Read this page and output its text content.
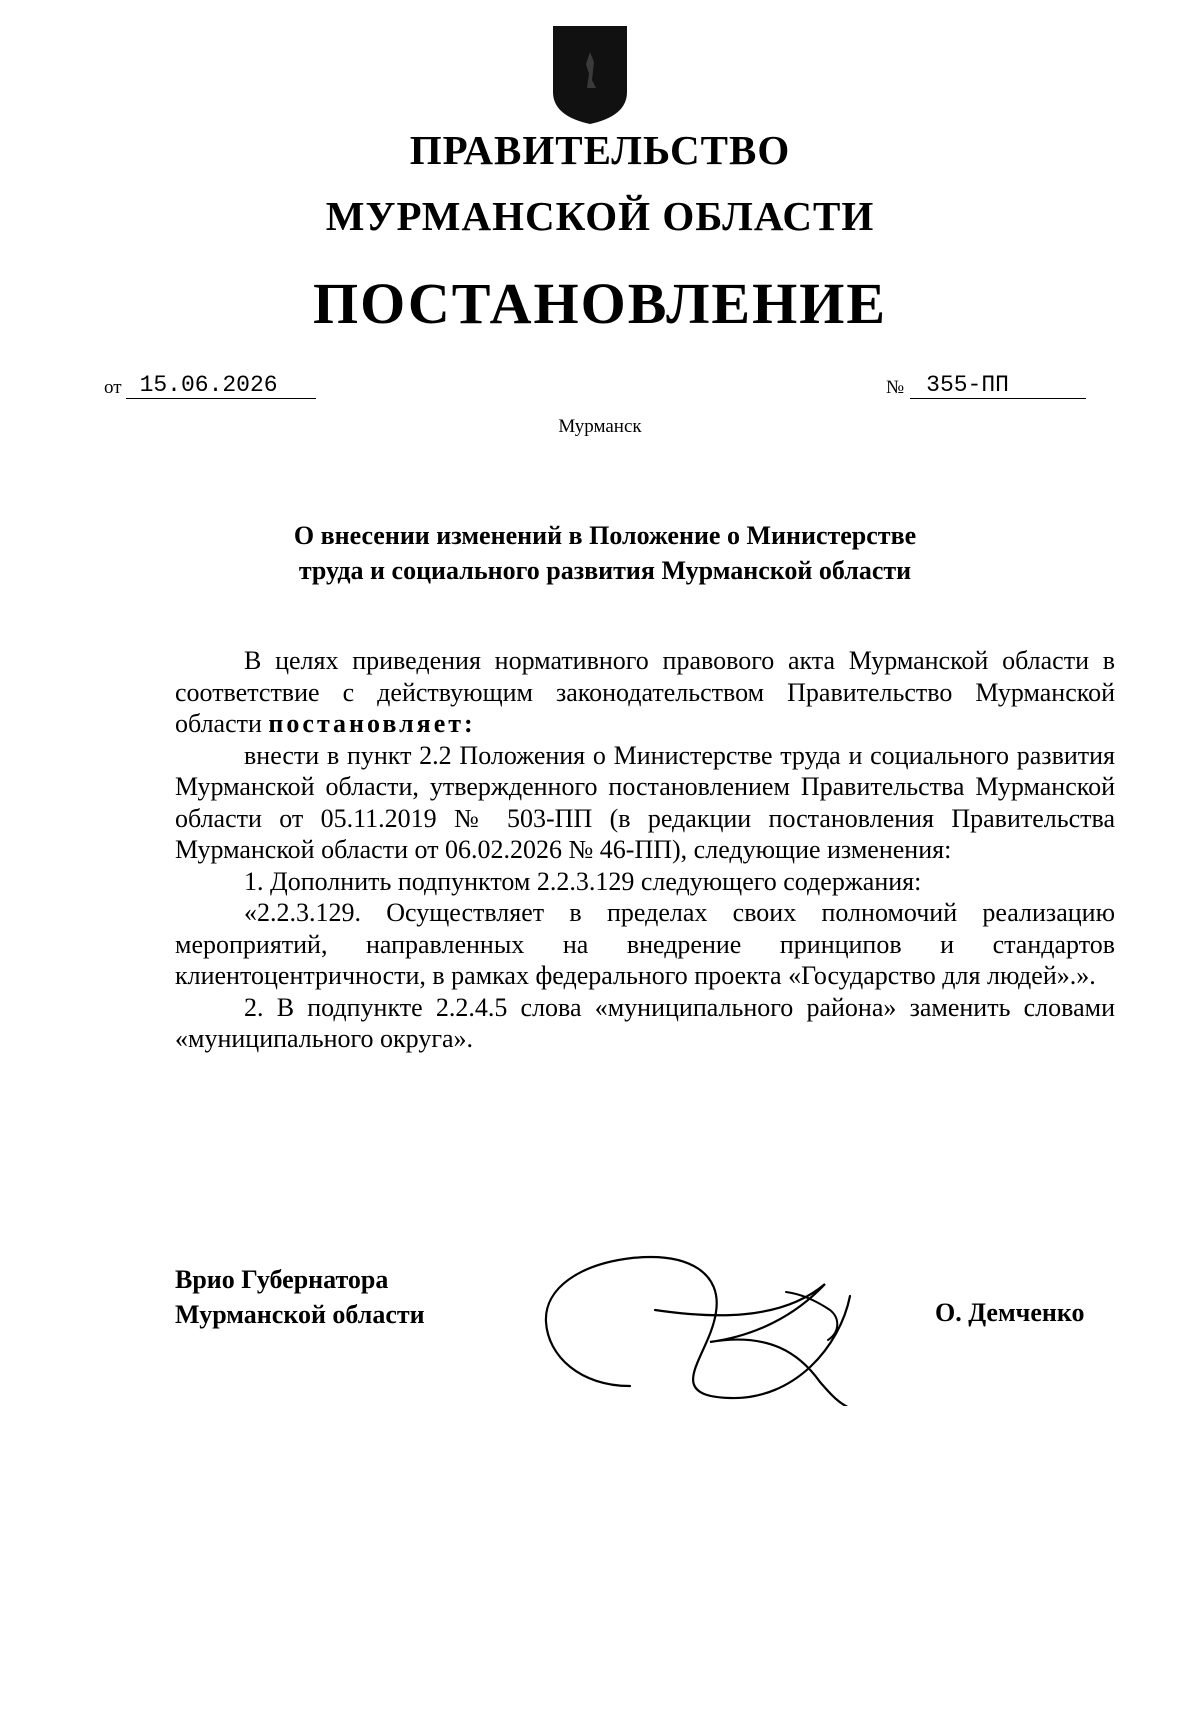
ПРАВИТЕЛЬСТВО
МУРМАНСКОЙ ОБЛАСТИ
ПОСТАНОВЛЕНИЕ
от 15.06.2026	№ 355-ПП
Мурманск
О внесении изменений в Положение о Министерстве
труда и социального развития Мурманской области

В целях приведения нормативного правового акта Мурманской области в соответствие с действующим законодательством Правительство Мурманской области постановляет:

внести в пункт 2.2 Положения о Министерстве труда и социального развития Мурманской области, утвержденного постановлением Правительства Мурманской области от 05.11.2019 № 503-ПП (в редакции постановления Правительства Мурманской области от 06.02.2026 № 46-ПП), следующие изменения:

1. Дополнить подпунктом 2.2.3.129 следующего содержания:

«2.2.3.129. Осуществляет в пределах своих полномочий реализацию мероприятий, направленных на внедрение принципов и стандартов клиентоцентричности, в рамках федерального проекта «Государство для людей».».

2. В подпункте 2.2.4.5 слова «муниципального района» заменить словами «муниципального округа».

Врио Губернатора
Мурманской области	О. Демченко
